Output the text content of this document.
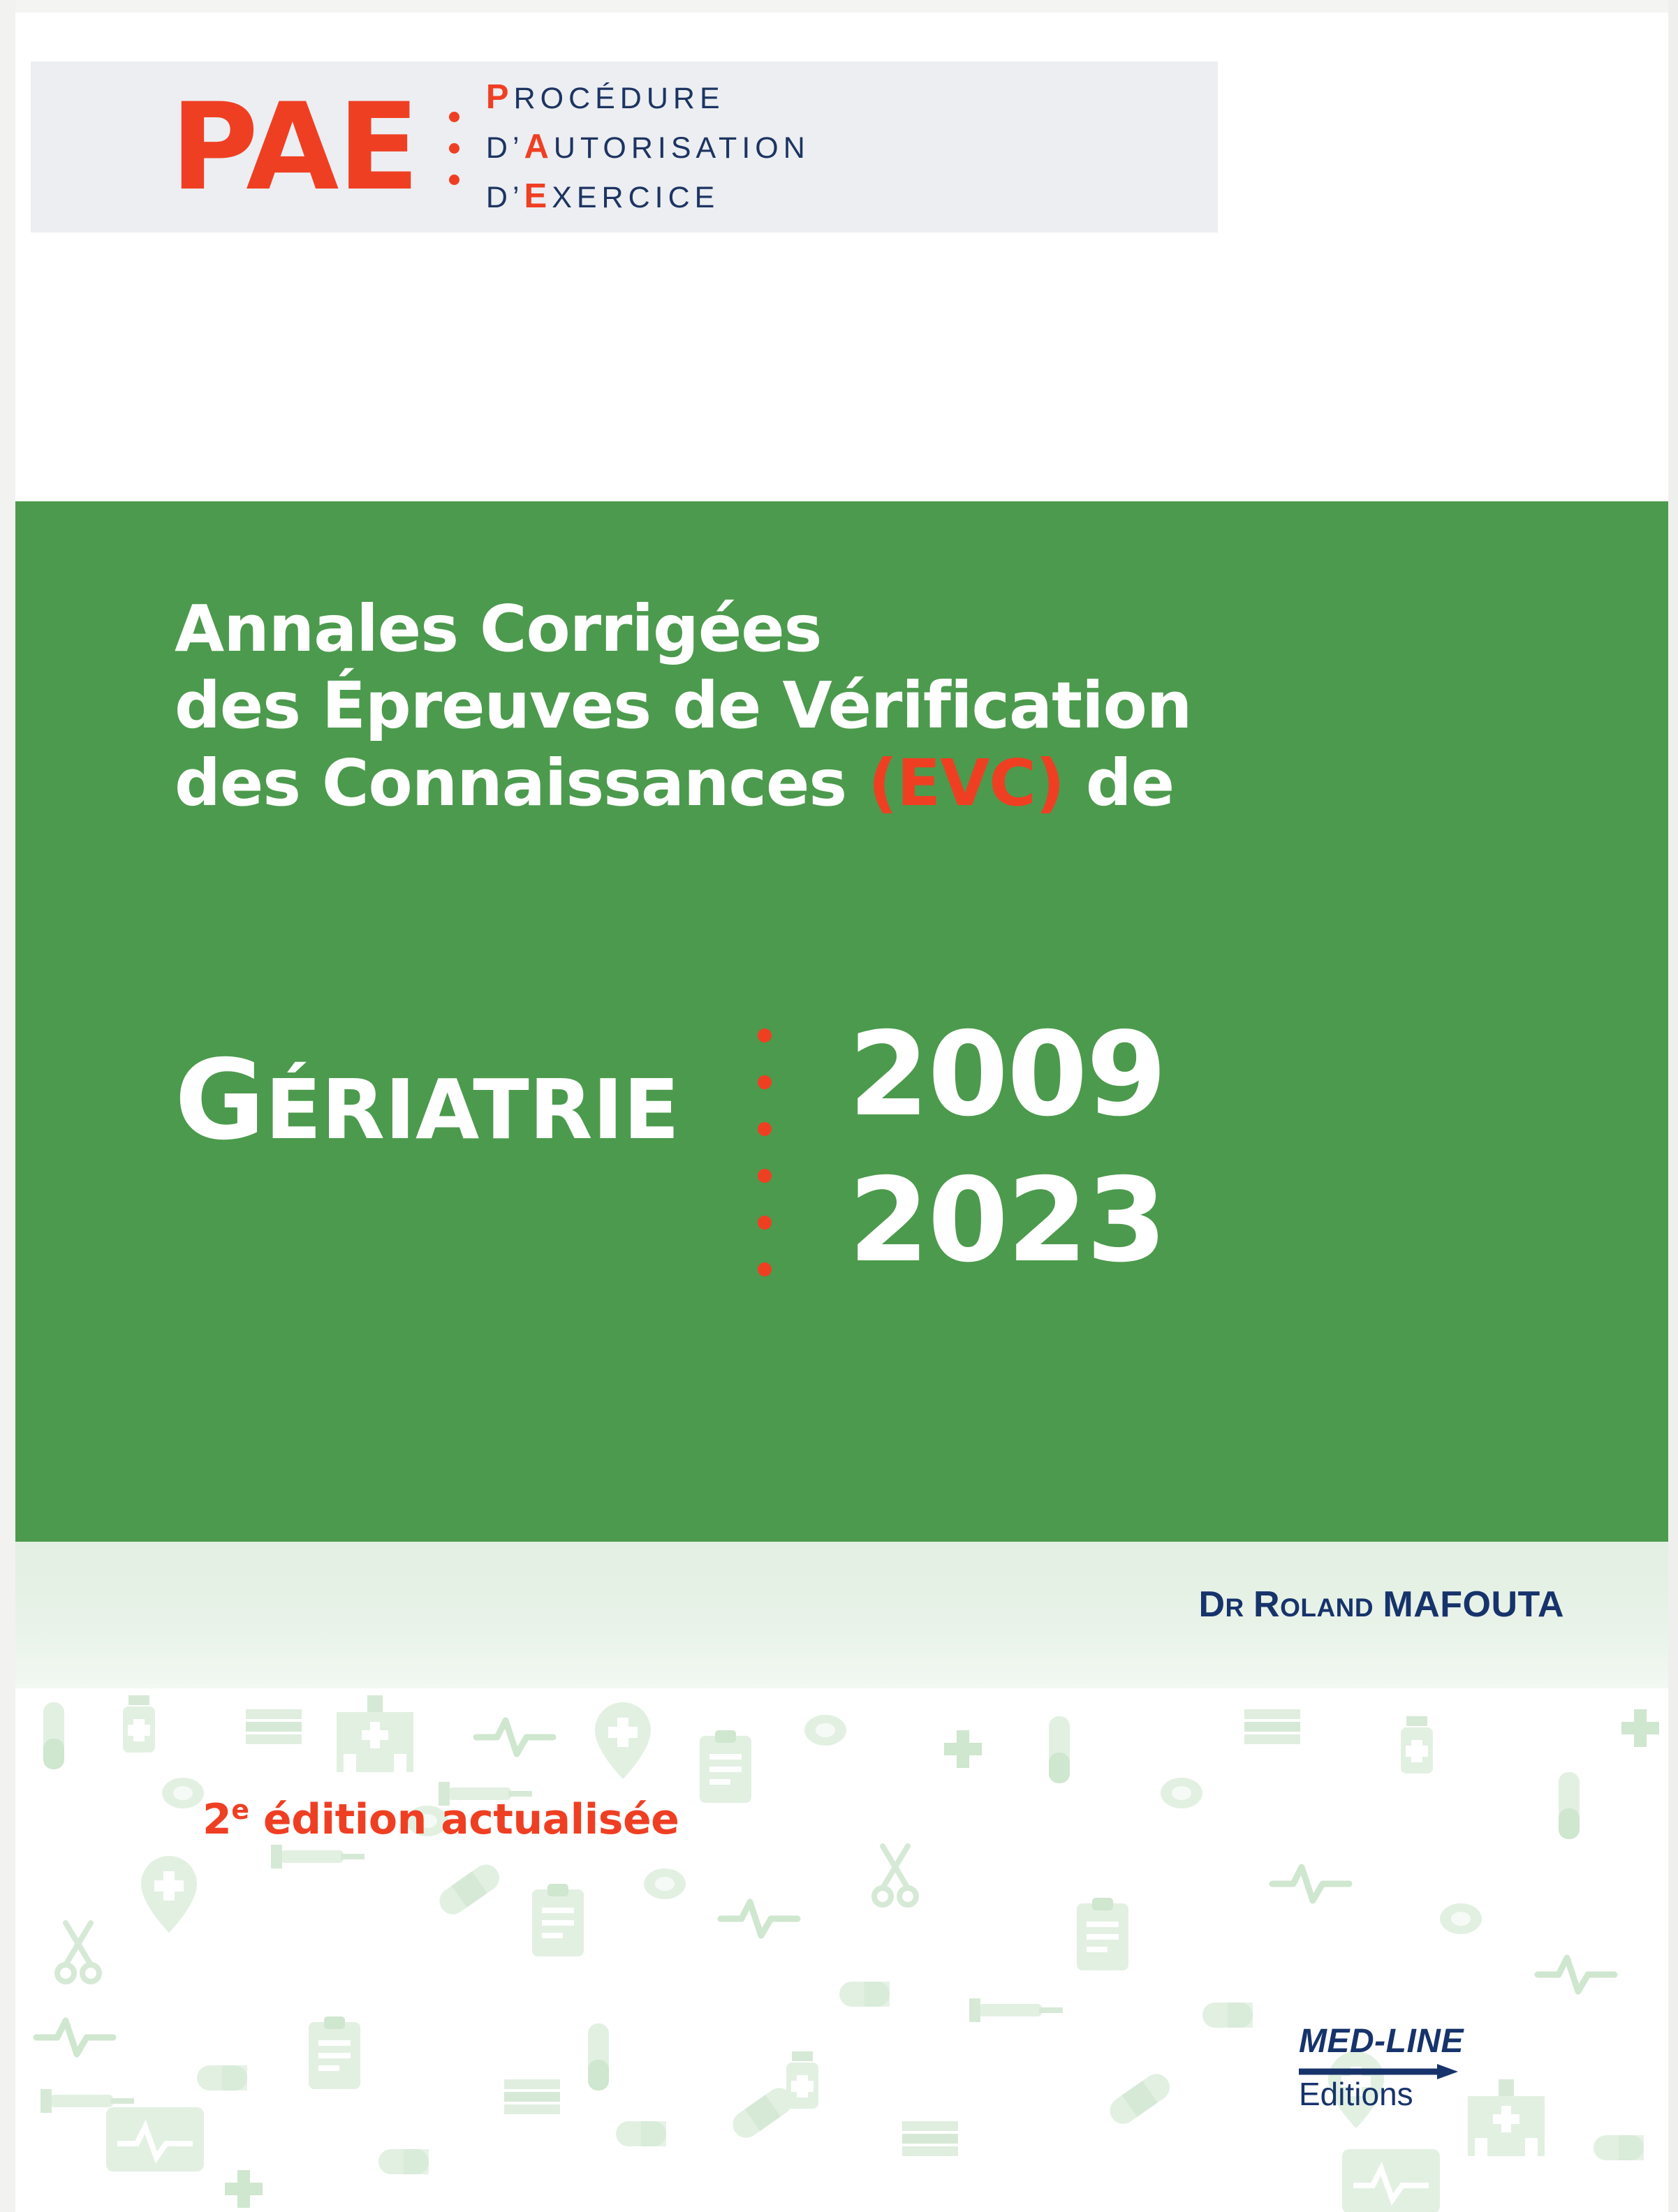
PAE PROCÉDURE
D’AUTORISATION
D’EXERCICE
Annales Corrigées
des Épreuves de Vérification
des Connaissances (EVC) de
GÉRIATRIE 2009
2023
DR ROLAND MAFOUTA
2e édition actualisée
MED-LINE
Editions
